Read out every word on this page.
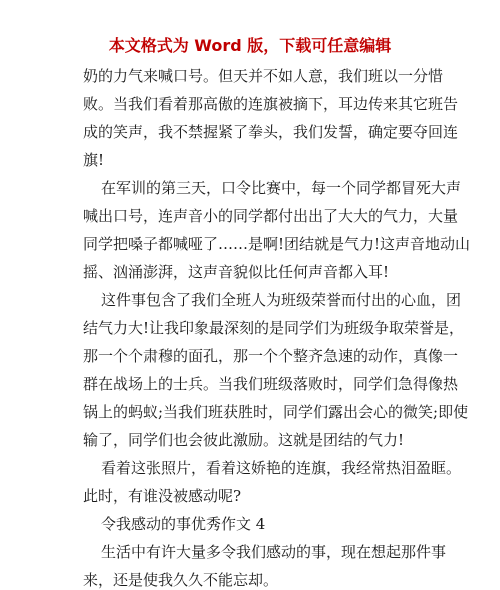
本文格式为 Word 版，下载可任意编辑
奶的力气来喊口号。但天并不如人意，我们班以一分惜
败。当我们看着那高傲的连旗被摘下，耳边传来其它班告
成的笑声，我不禁握紧了拳头，我们发誓，确定要夺回连
旗!
在军训的第三天，口令比赛中，每一个同学都冒死大声
喊出口号，连声音小的同学都付出出了大大的气力，大量
同学把嗓子都喊哑了……是啊!团结就是气力!这声音地动山
摇、汹涌澎湃，这声音貌似比任何声音都入耳!
这件事包含了我们全班人为班级荣誉而付出的心血，团
结气力大!让我印象最深刻的是同学们为班级争取荣誉是，
那一个个肃穆的面孔，那一个个整齐急速的动作，真像一
群在战场上的士兵。当我们班级落败时，同学们急得像热
锅上的蚂蚁;当我们班获胜时，同学们露出会心的微笑;即使
输了，同学们也会彼此激励。这就是团结的气力!
看着这张照片，看着这娇艳的连旗，我经常热泪盈眶。
此时，有谁没被感动呢?
令我感动的事优秀作文 4
生活中有许大量多令我们感动的事，现在想起那件事
来，还是使我久久不能忘却。
